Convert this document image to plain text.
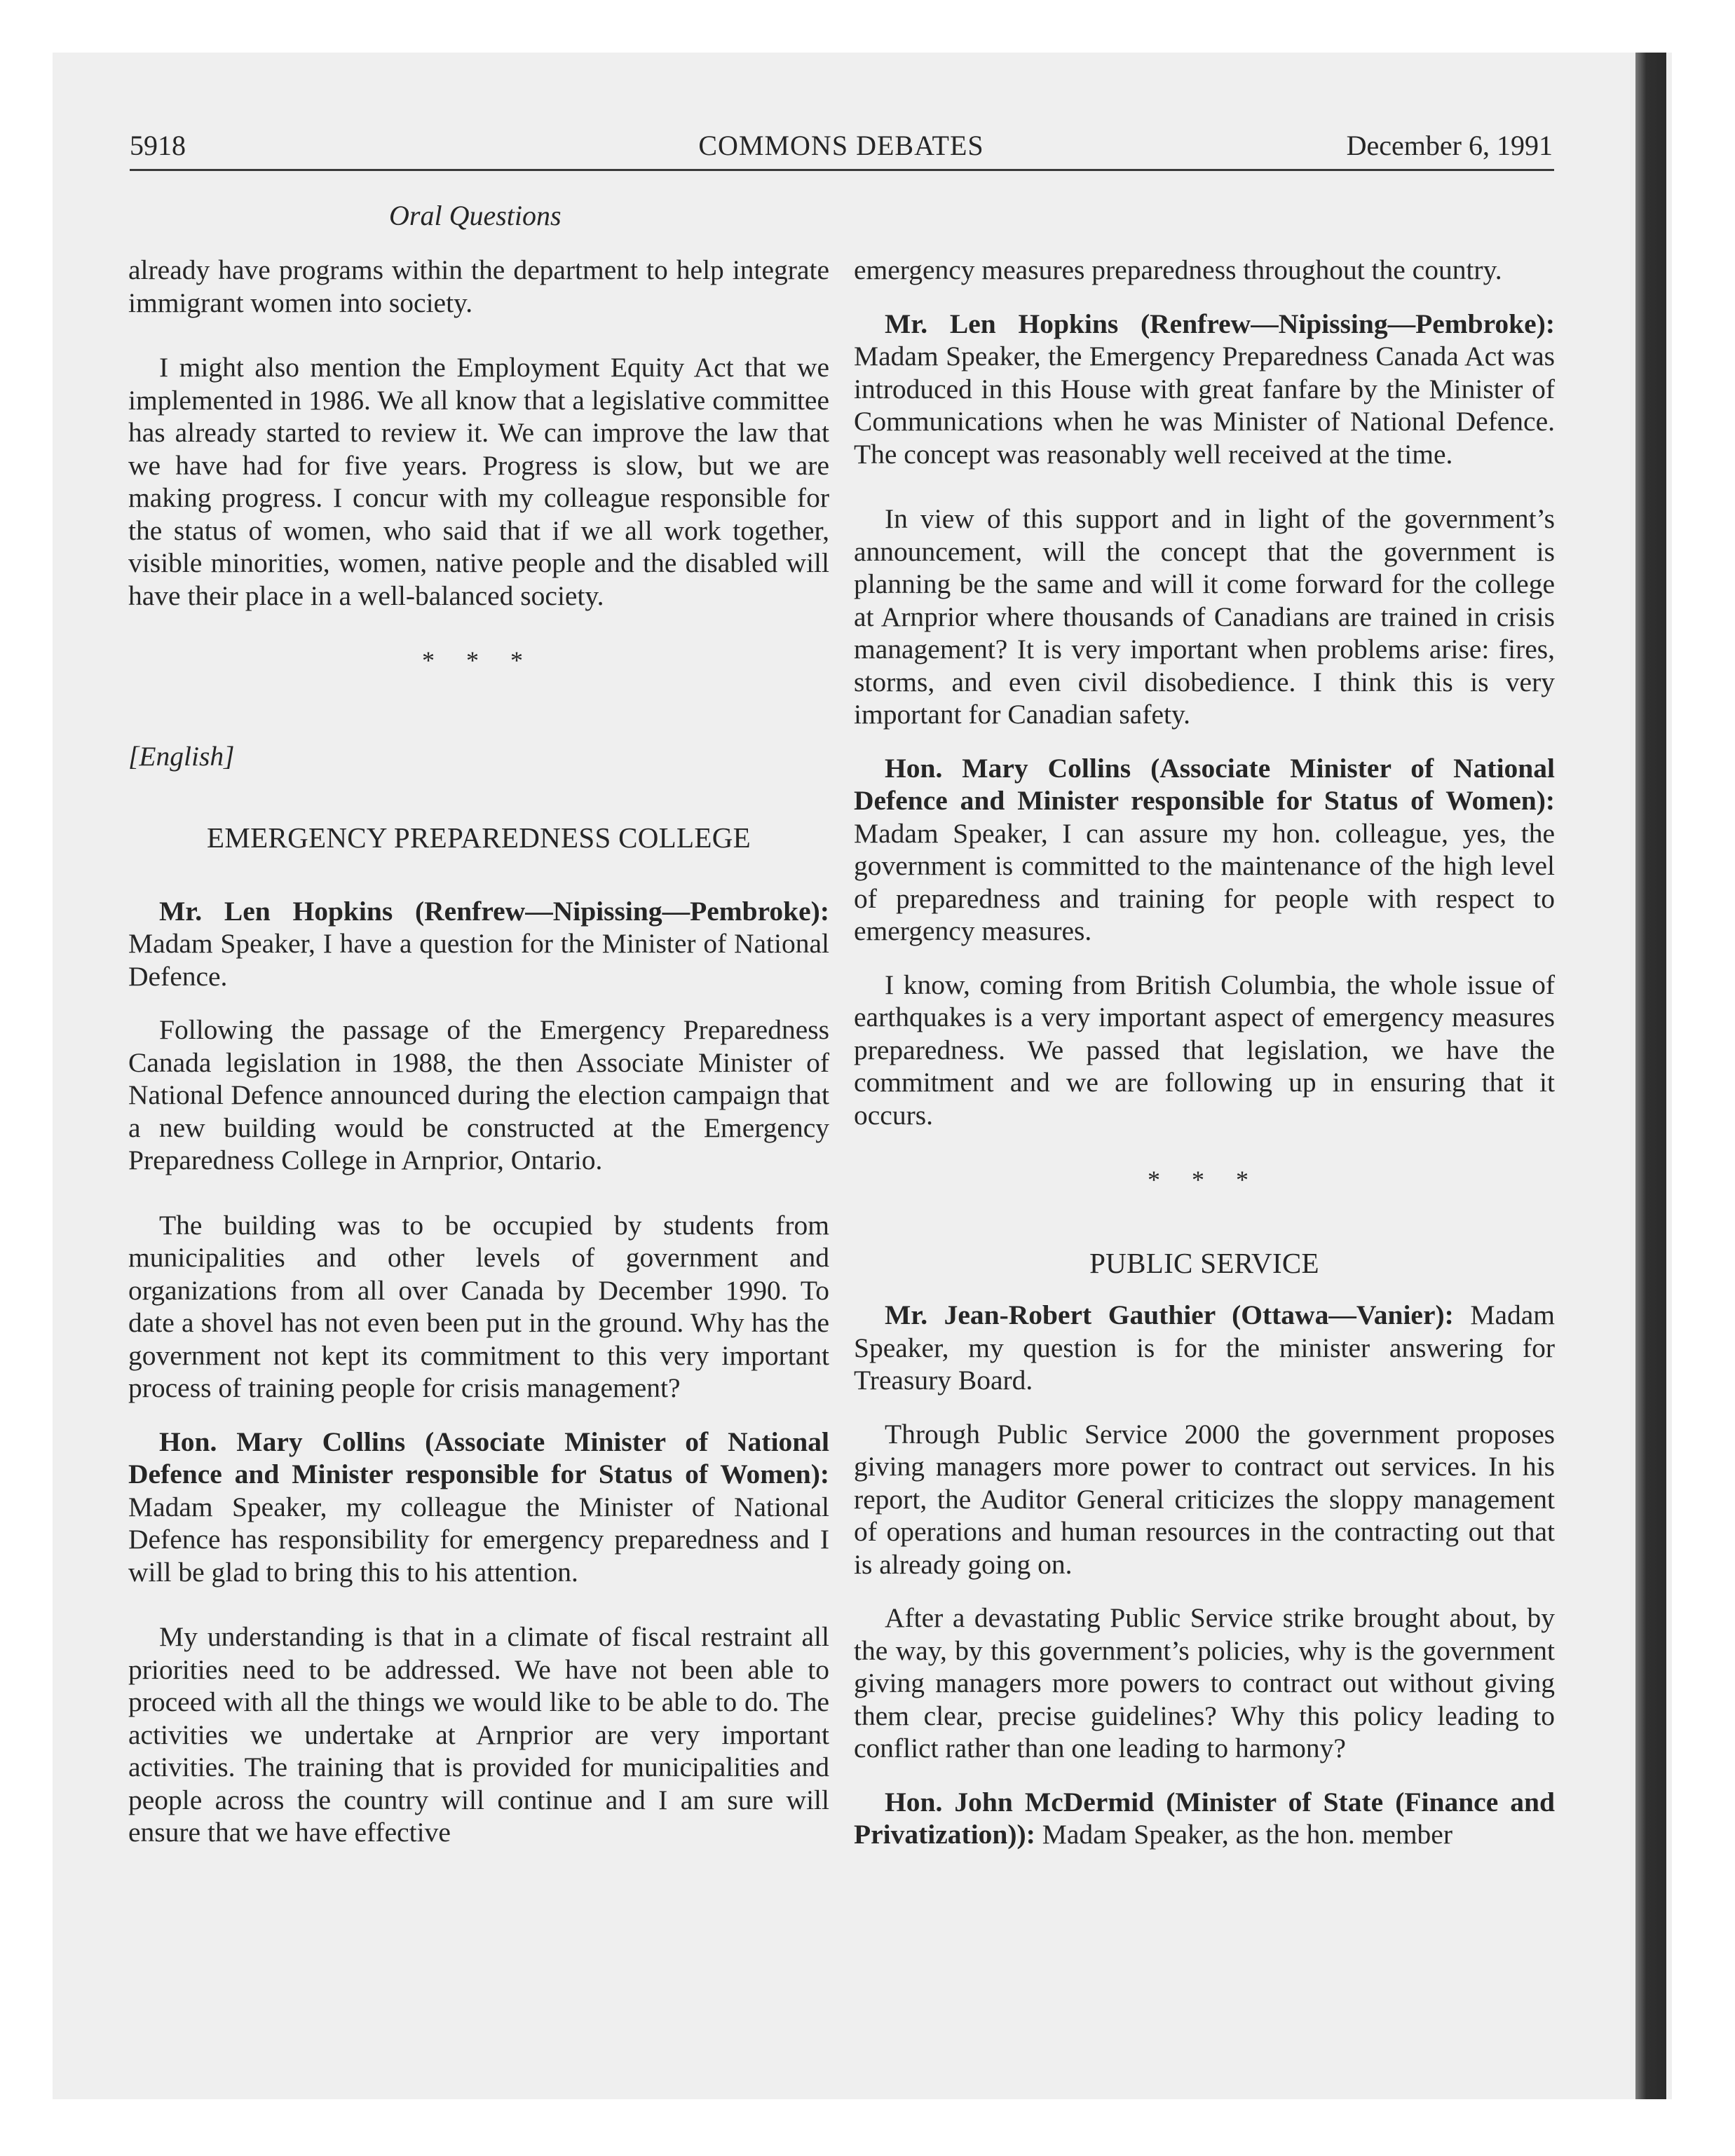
5918	COMMONS DEBATES	December 6, 1991
Oral Questions

already have programs within the department to help integrate immigrant women into society.

I might also mention the Employment Equity Act that we implemented in 1986. We all know that a legislative committee has already started to review it. We can improve the law that we have had for five years. Progress is slow, but we are making progress. I concur with my colleague responsible for the status of women, who said that if we all work together, visible minorities, women, native people and the disabled will have their place in a well-balanced society.

* * *
[English]
EMERGENCY PREPAREDNESS COLLEGE

Mr. Len Hopkins (Renfrew—Nipissing—Pembroke): Madam Speaker, I have a question for the Minister of National Defence.

Following the passage of the Emergency Preparedness Canada legislation in 1988, the then Associate Minister of National Defence announced during the election campaign that a new building would be constructed at the Emergency Preparedness College in Arnprior, Ontario.

The building was to be occupied by students from municipalities and other levels of government and organizations from all over Canada by December 1990. To date a shovel has not even been put in the ground. Why has the government not kept its commitment to this very important process of training people for crisis management?

Hon. Mary Collins (Associate Minister of National Defence and Minister responsible for Status of Women): Madam Speaker, my colleague the Minister of National Defence has responsibility for emergency preparedness and I will be glad to bring this to his attention.

My understanding is that in a climate of fiscal restraint all priorities need to be addressed. We have not been able to proceed with all the things we would like to be able to do. The activities we undertake at Arnprior are very important activities. The training that is provided for municipalities and people across the country will continue and I am sure will ensure that we have effective

emergency measures preparedness throughout the country.

Mr. Len Hopkins (Renfrew—Nipissing—Pembroke): Madam Speaker, the Emergency Preparedness Canada Act was introduced in this House with great fanfare by the Minister of Communications when he was Minister of National Defence. The concept was reasonably well received at the time.

In view of this support and in light of the government’s announcement, will the concept that the government is planning be the same and will it come forward for the college at Arnprior where thousands of Canadians are trained in crisis management? It is very important when problems arise: fires, storms, and even civil disobedience. I think this is very important for Canadian safety.

Hon. Mary Collins (Associate Minister of National Defence and Minister responsible for Status of Women): Madam Speaker, I can assure my hon. colleague, yes, the government is committed to the maintenance of the high level of preparedness and training for people with respect to emergency measures.

I know, coming from British Columbia, the whole issue of earthquakes is a very important aspect of emergency measures preparedness. We passed that legislation, we have the commitment and we are following up in ensuring that it occurs.

* * *
PUBLIC SERVICE

Mr. Jean-Robert Gauthier (Ottawa—Vanier): Madam Speaker, my question is for the minister answering for Treasury Board.

Through Public Service 2000 the government proposes giving managers more power to contract out services. In his report, the Auditor General criticizes the sloppy management of operations and human resources in the contracting out that is already going on.

After a devastating Public Service strike brought about, by the way, by this government’s policies, why is the government giving managers more powers to contract out without giving them clear, precise guidelines? Why this policy leading to conflict rather than one leading to harmony?

Hon. John McDermid (Minister of State (Finance and Privatization)): Madam Speaker, as the hon. member
